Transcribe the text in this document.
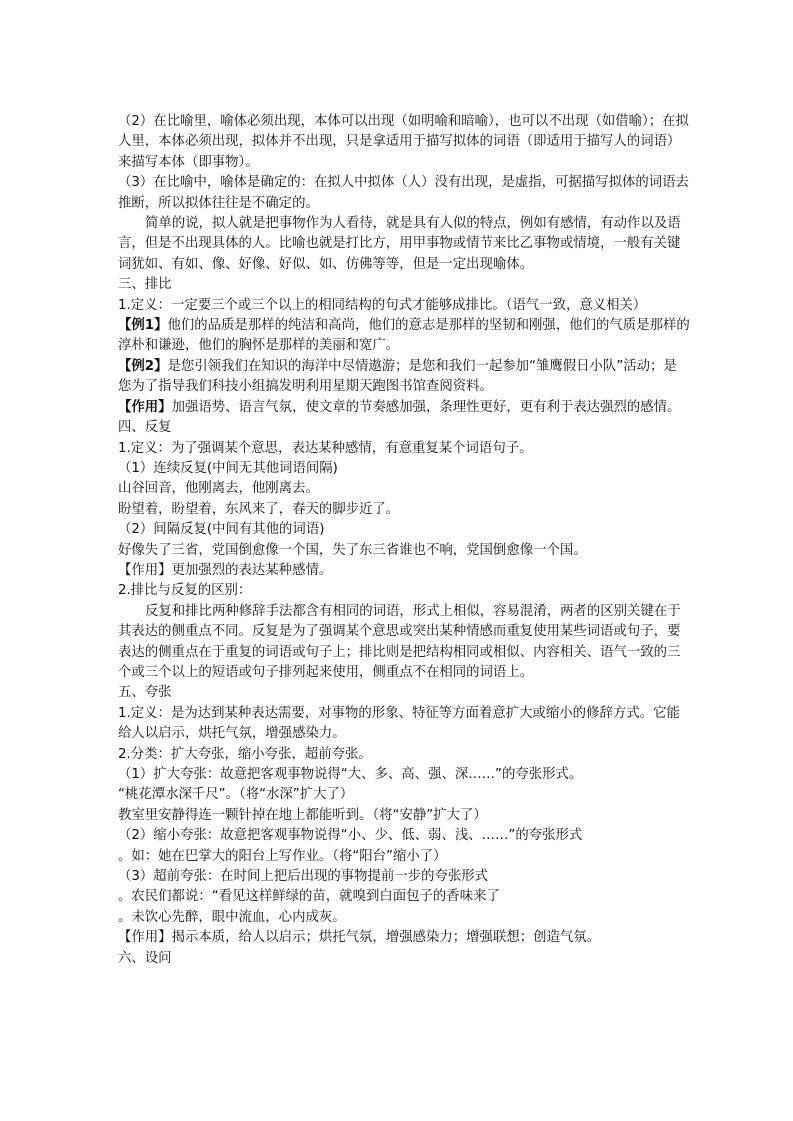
（2）在比喻里，喻体必须出现，本体可以出现（如明喻和暗喻），也可以不出现（如借喻）；在拟人里，本体必须出现，拟体并不出现，只是拿适用于描写拟体的词语（即适用于描写人的词语）来描写本体（即事物）。

（3）在比喻中，喻体是确定的：在拟人中拟体（人）没有出现，是虚指，可据描写拟体的词语去推断，所以拟体往往是不确定的。

简单的说，拟人就是把事物作为人看待，就是具有人似的特点，例如有感情，有动作以及语言，但是不出现具体的人。比喻也就是打比方，用甲事物或情节来比乙事物或情境，一般有关键词犹如、有如、像、好像、好似、如、仿佛等等，但是一定出现喻体。

三、排比

1.定义：一定要三个或三个以上的相同结构的句式才能够成排比。（语气一致，意义相关）

【例1】他们的品质是那样的纯洁和高尚，他们的意志是那样的坚韧和刚强，他们的气质是那样的淳朴和谦逊，他们的胸怀是那样的美丽和宽广。

【例2】是您引领我们在知识的海洋中尽情遨游；是您和我们一起参加“雏鹰假日小队”活动；是您为了指导我们科技小组搞发明利用星期天跑图书馆查阅资料。

【作用】加强语势、语言气氛，使文章的节奏感加强，条理性更好，更有利于表达强烈的感情。

四、反复

1.定义：为了强调某个意思，表达某种感情，有意重复某个词语句子。

（1）连续反复(中间无其他词语间隔)

山谷回音，他刚离去，他刚离去。

盼望着，盼望着，东风来了，春天的脚步近了。

（2）间隔反复(中间有其他的词语)

好像失了三省，党国倒愈像一个国，失了东三省谁也不响，党国倒愈像一个国。

【作用】更加强烈的表达某种感情。

2.排比与反复的区别：

反复和排比两种修辞手法都含有相同的词语，形式上相似，容易混淆，两者的区别关键在于其表达的侧重点不同。反复是为了强调某个意思或突出某种情感而重复使用某些词语或句子，要表达的侧重点在于重复的词语或句子上；排比则是把结构相同或相似、内容相关、语气一致的三个或三个以上的短语或句子排列起来使用，侧重点不在相同的词语上。

五、夸张

1.定义：是为达到某种表达需要，对事物的形象、特征等方面着意扩大或缩小的修辞方式。它能给人以启示，烘托气氛，增强感染力。

2.分类：扩大夸张，缩小夸张，超前夸张。

（1）扩大夸张：故意把客观事物说得“大、多、高、强、深……”的夸张形式。

“桃花潭水深千尺”。（将“水深”扩大了）

教室里安静得连一颗针掉在地上都能听到。（将“安静”扩大了）

（2）缩小夸张：故意把客观事物说得“小、少、低、弱、浅、……”的夸张形式

。如：她在巴掌大的阳台上写作业。（将“阳台”缩小了）

（3）超前夸张：在时间上把后出现的事物提前一步的夸张形式

。农民们都说：“看见这样鲜绿的苗，就嗅到白面包子的香味来了

。未饮心先醉，眼中流血，心内成灰。

【作用】揭示本质，给人以启示；烘托气氛，增强感染力；增强联想；创造气氛。

六、设问
